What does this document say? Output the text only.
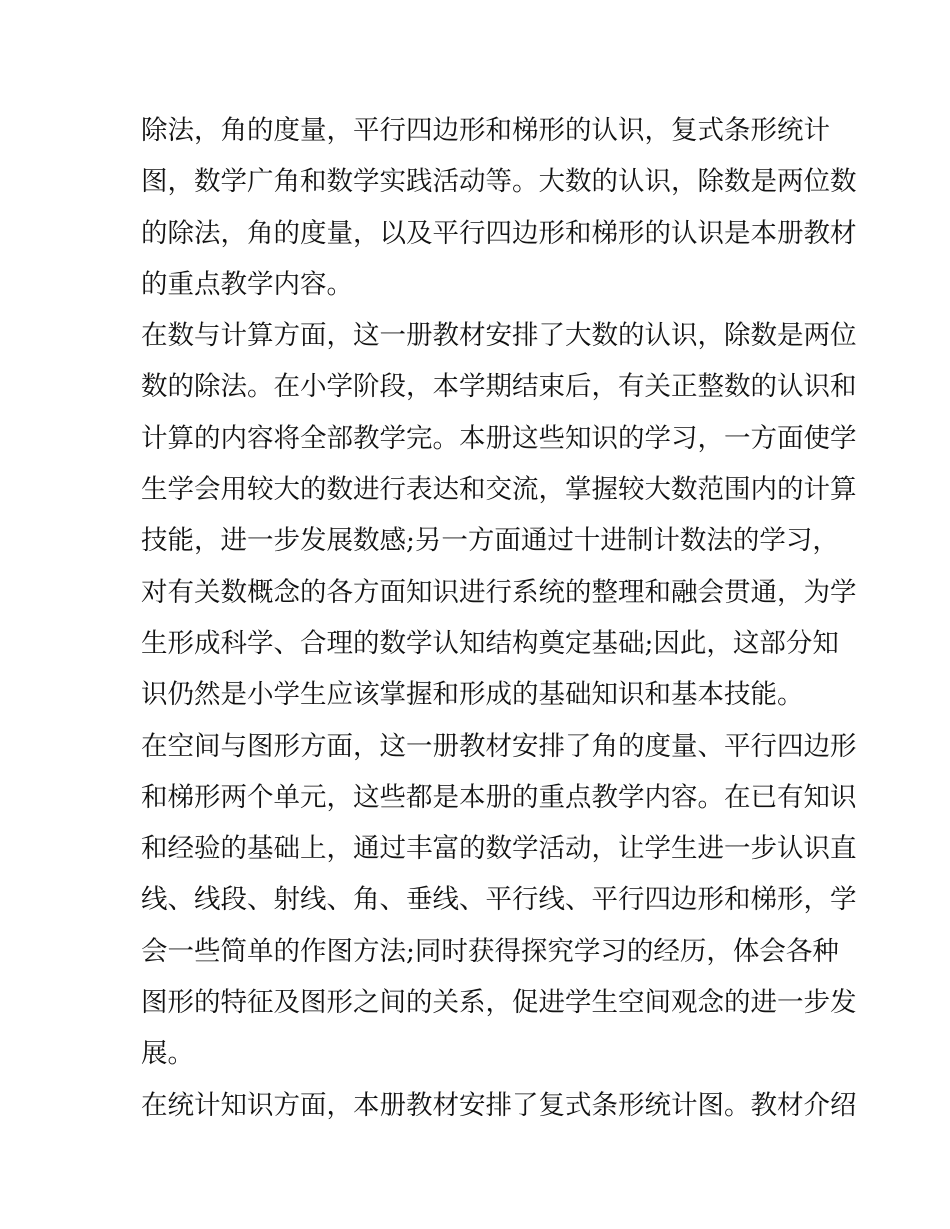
除法，角的度量，平行四边形和梯形的认识，复式条形统计
图，数学广角和数学实践活动等。大数的认识，除数是两位数
的除法，角的度量，以及平行四边形和梯形的认识是本册教材
的重点教学内容。
在数与计算方面，这一册教材安排了大数的认识，除数是两位
数的除法。在小学阶段，本学期结束后，有关正整数的认识和
计算的内容将全部教学完。本册这些知识的学习，一方面使学
生学会用较大的数进行表达和交流，掌握较大数范围内的计算
技能，进一步发展数感;另一方面通过十进制计数法的学习，
对有关数概念的各方面知识进行系统的整理和融会贯通，为学
生形成科学、合理的数学认知结构奠定基础;因此，这部分知
识仍然是小学生应该掌握和形成的基础知识和基本技能。
在空间与图形方面，这一册教材安排了角的度量、平行四边形
和梯形两个单元，这些都是本册的重点教学内容。在已有知识
和经验的基础上，通过丰富的数学活动，让学生进一步认识直
线、线段、射线、角、垂线、平行线、平行四边形和梯形，学
会一些简单的作图方法;同时获得探究学习的经历，体会各种
图形的特征及图形之间的关系，促进学生空间观念的进一步发
展。
在统计知识方面，本册教材安排了复式条形统计图。教材介绍
